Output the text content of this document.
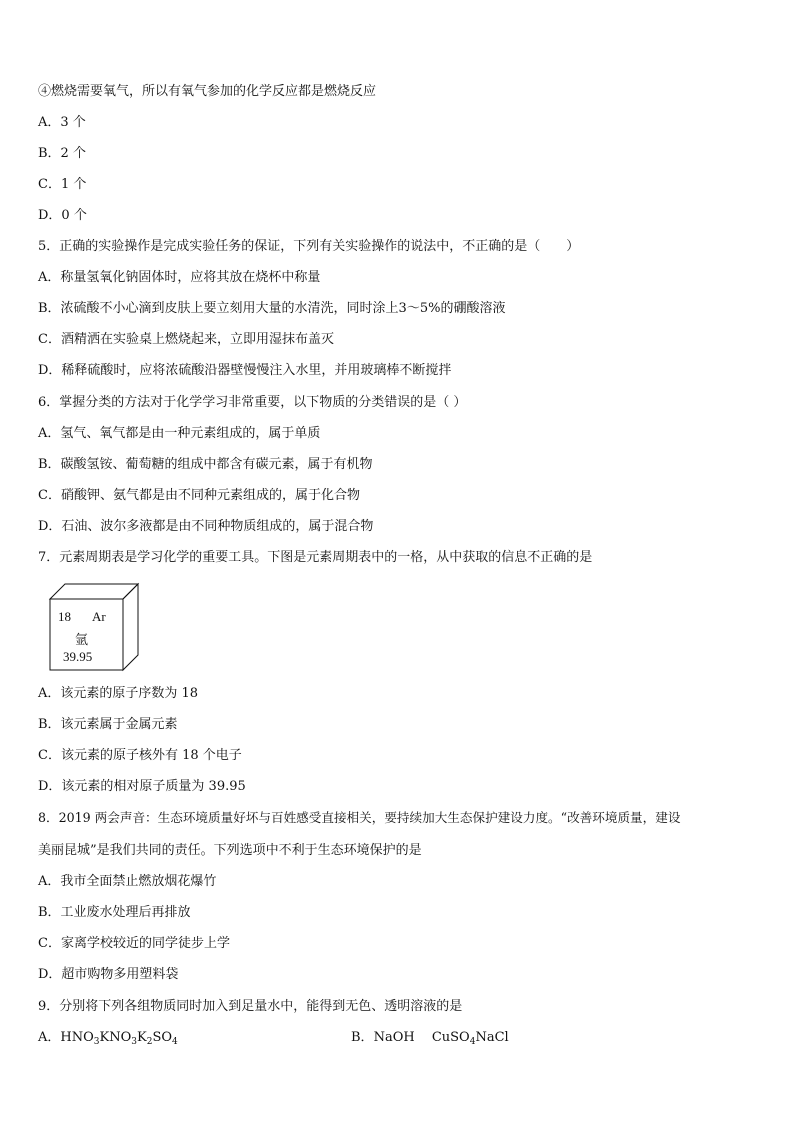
④燃烧需要氧气，所以有氧气参加的化学反应都是燃烧反应
A．3 个
B．2 个
C．1 个
D．0 个
5．正确的实验操作是完成实验任务的保证，下列有关实验操作的说法中，不正确的是（　　）
A．称量氢氧化钠固体时，应将其放在烧杯中称量
B．浓硫酸不小心滴到皮肤上要立刻用大量的水清洗，同时涂上3～5%的硼酸溶液
C．酒精洒在实验桌上燃烧起来，立即用湿抹布盖灭
D．稀释硫酸时，应将浓硫酸沿器壁慢慢注入水里，并用玻璃棒不断搅拌
6．掌握分类的方法对于化学学习非常重要，以下物质的分类错误的是（ ）
A．氢气、氧气都是由一种元素组成的，属于单质
B．碳酸氢铵、葡萄糖的组成中都含有碳元素，属于有机物
C．硝酸钾、氨气都是由不同种元素组成的，属于化合物
D．石油、波尔多液都是由不同种物质组成的，属于混合物
7．元素周期表是学习化学的重要工具。下图是元素周期表中的一格，从中获取的信息不正确的是
18 Ar
氩
39.95
A．该元素的原子序数为 18
B．该元素属于金属元素
C．该元素的原子核外有 18 个电子
D．该元素的相对原子质量为 39.95
8．2019 两会声音：生态环境质量好坏与百姓感受直接相关，要持续加大生态保护建设力度。“改善环境质量，建设
美丽昆城”是我们共同的责任。下列选项中不利于生态环境保护的是
A．我市全面禁止燃放烟花爆竹
B．工业废水处理后再排放
C．家离学校较近的同学徒步上学
D．超市购物多用塑料袋
9．分别将下列各组物质同时加入到足量水中，能得到无色、透明溶液的是
A．$HNO_3KNO_3K_2SO_4$	B．NaOH　 CuSO$_4$NaCl
